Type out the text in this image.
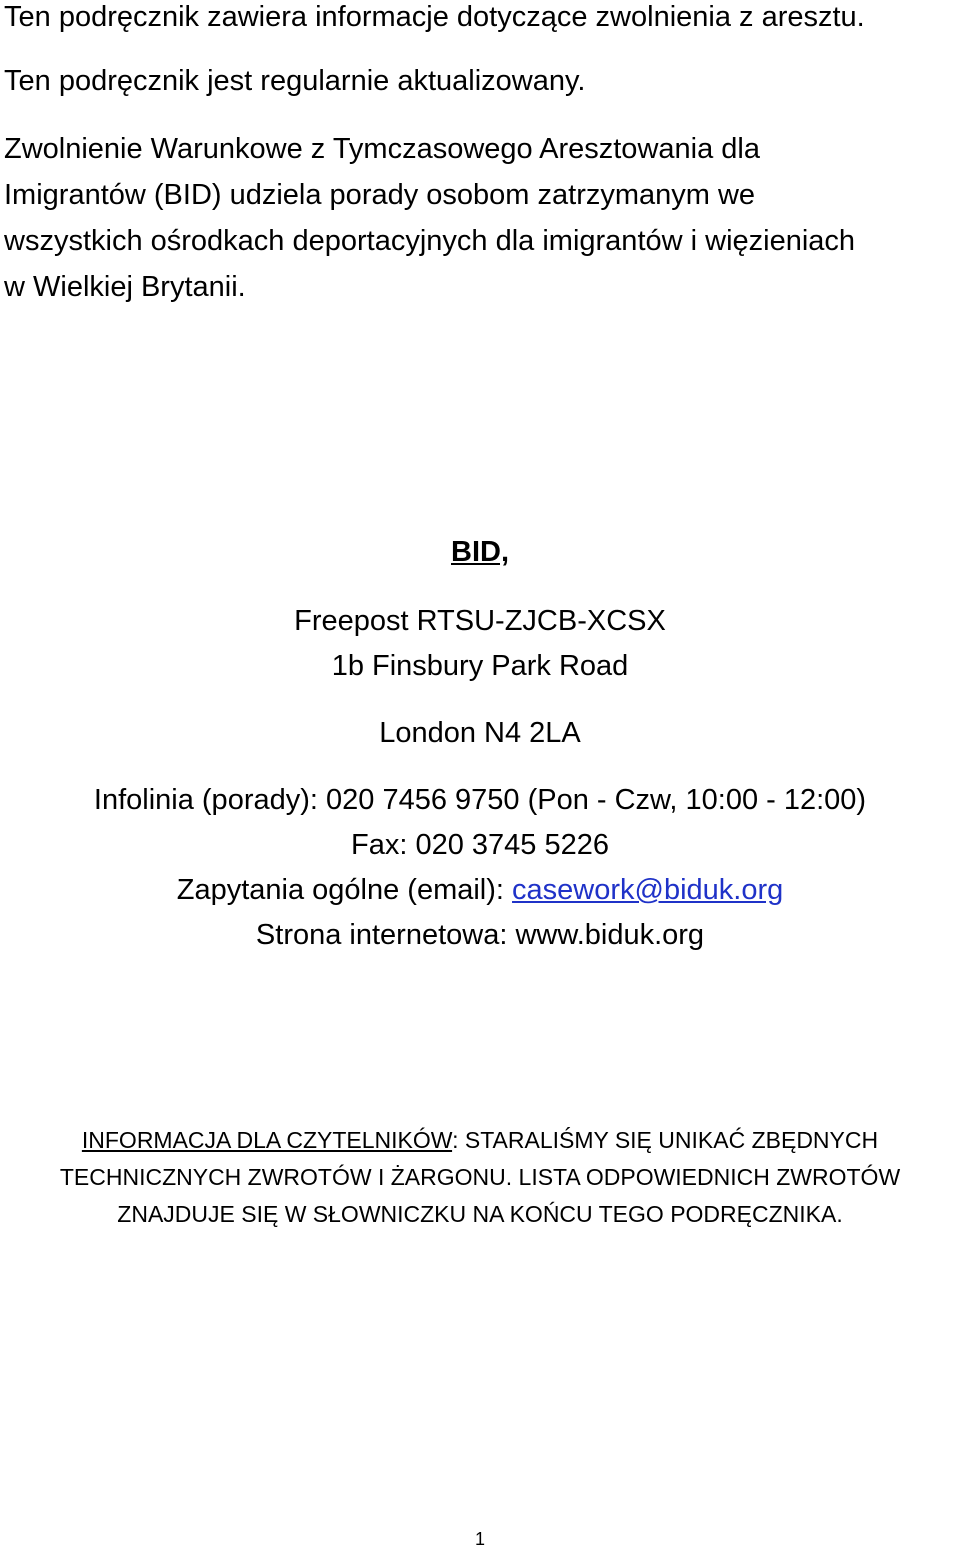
Ten podręcznik zawiera informacje dotyczące zwolnienia z aresztu.

Ten podręcznik jest regularnie aktualizowany.

Zwolnienie Warunkowe z Tymczasowego Aresztowania dla

Imigrantów (BID) udziela porady osobom zatrzymanym we

wszystkich ośrodkach deportacyjnych dla imigrantów i więzieniach

w Wielkiej Brytanii.

BID,

Freepost RTSU-ZJCB-XCSX

1b Finsbury Park Road

London N4 2LA

Infolinia (porady): 020 7456 9750 (Pon - Czw, 10:00 - 12:00)

Fax: 020 3745 5226

Zapytania ogólne (email): casework@biduk.org

Strona internetowa: www.biduk.org

INFORMACJA DLA CZYTELNIKÓW: STARALIŚMY SIĘ UNIKAĆ ZBĘDNYCH

TECHNICZNYCH ZWROTÓW I ŻARGONU. LISTA ODPOWIEDNICH ZWROTÓW

ZNAJDUJE SIĘ W SŁOWNICZKU NA KOŃCU TEGO PODRĘCZNIKA.

1
